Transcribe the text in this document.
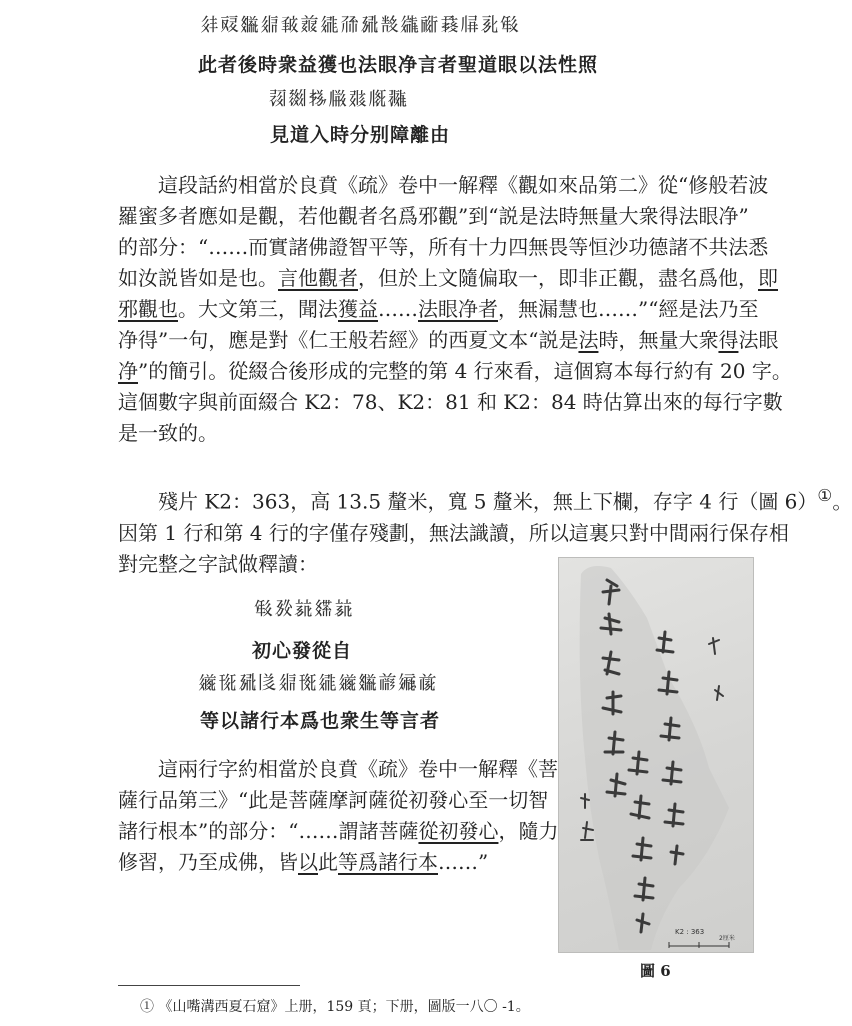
𗢳𗠝𗿳𗤋𘆄𗓱𗧓𗗙𗉣𘕕𗪘𗠁𗱢𗅁𗎘𘓐
此者後時衆益獲也法眼净言者聖道眼以法性照
𗖌𗉅𗈪𗆐𘅍𗅋𗖵
見道入時分别障離由
這段話約相當於良賁《疏》卷中一解釋《觀如來品第二》從“修般若波
羅蜜多者應如是觀，若他觀者名爲邪觀”到“説是法時無量大衆得法眼净”
的部分：“……而實諸佛證智平等，所有十力四無畏等恒沙功德諸不共法悉
如汝説皆如是也。言他觀者，但於上文隨偏取一，即非正觀，盡名爲他，即
邪觀也。大文第三，聞法獲益……法眼净者，無漏慧也……”“經是法乃至
净得”一句，應是對《仁王般若經》的西夏文本“説是法時，無量大衆得法眼
净”的簡引。從綴合後形成的完整的第 4 行來看，這個寫本每行約有 20 字。
這個數字與前面綴合 K2：78、K2：81 和 K2：84 時估算出來的每行字數
是一致的。
殘片 K2：363，高 13.5 釐米，寬 5 釐米，無上下欄，存字 4 行（圖 6）①。
因第 1 行和第 4 行的字僅存殘劃，無法識讀，所以這裏只對中間兩行保存相
對完整之字試做釋讀：
𘓐𗉔𗭪𗿒𗭪
初心發從自
𗫂𗍁𗉣𗁅𗤋𗍊𗧓𗫂𗿳𗑗𗩾𗑉
等以諸行本爲也衆生等言者
這兩行字約相當於良賁《疏》卷中一解釋《菩
薩行品第三》“此是菩薩摩訶薩從初發心至一切智
諸行根本”的部分：“……謂諸菩薩從初發心，隨力
修習，乃至成佛，皆以此等爲諸行本……”
K2 : 363
2厘米
圖 6
① 《山嘴溝西夏石窟》上册，159 頁；下册，圖版一八〇 -1。
